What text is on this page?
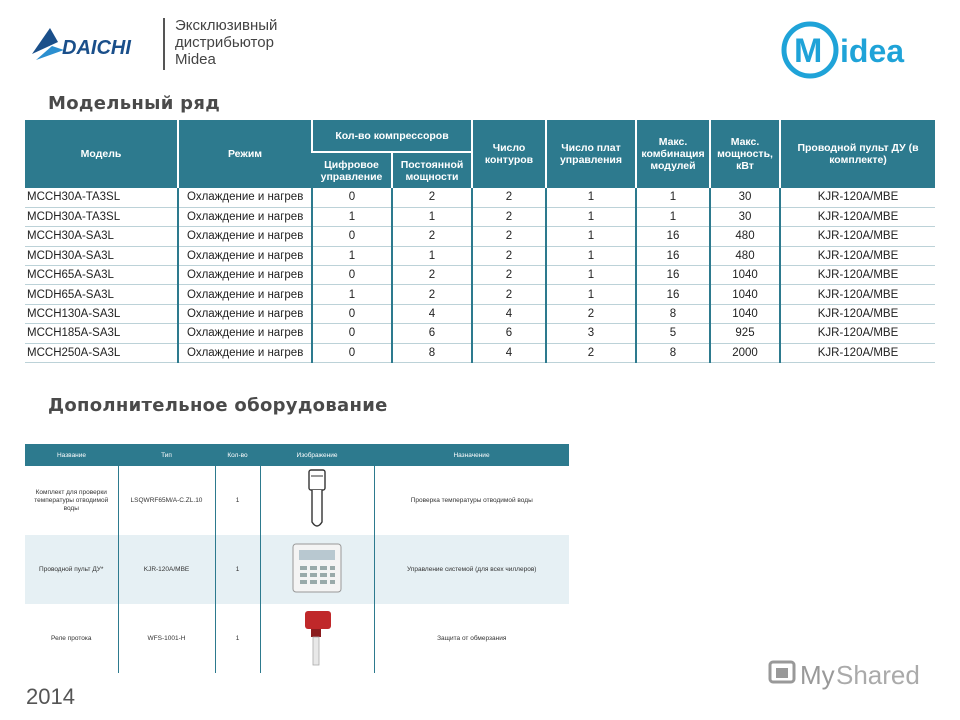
DAICHI
Эксклюзивный
дистрибьютор
Midea	M idea
Модельный ряд
Модель	Режим	Кол-во компрессоров		Число контуров	Число плат управления	Макс. комбинация модулей	Макс. мощность, кВт	Проводной пульт ДУ (в комплекте)
		Цифровое управление	Постоянной мощности					
MCCH30A-TA3SL	Охлаждение и нагрев	0	2	2	1	1	30	KJR-120A/MBE
MCDH30A-TA3SL	Охлаждение и нагрев	1	1	2	1	1	30	KJR-120A/MBE
MCCH30A-SA3L	Охлаждение и нагрев	0	2	2	1	16	480	KJR-120A/MBE
MCDH30A-SA3L	Охлаждение и нагрев	1	1	2	1	16	480	KJR-120A/MBE
MCCH65A-SA3L	Охлаждение и нагрев	0	2	2	1	16	1040	KJR-120A/MBE
MCDH65A-SA3L	Охлаждение и нагрев	1	2	2	1	16	1040	KJR-120A/MBE
MCCH130A-SA3L	Охлаждение и нагрев	0	4	4	2	8	1040	KJR-120A/MBE
MCCH185A-SA3L	Охлаждение и нагрев	0	6	6	3	5	925	KJR-120A/MBE
MCCH250A-SA3L	Охлаждение и нагрев	0	8	4	2	8	2000	KJR-120A/MBE
Дополнительное оборудование
Название	Тип	Кол-во	Изображение	Назначение
Комплект для проверки температуры отводимой воды	LSQWRF65M/A-C.ZL.10	1		Проверка температуры отводимой воды
Проводной пульт ДУ*	KJR-120A/MBE	1		Управление системой (для всех чиллеров)
Реле протока	WFS-1001-H	1		Защита от обмерзания
2014
My Shared
